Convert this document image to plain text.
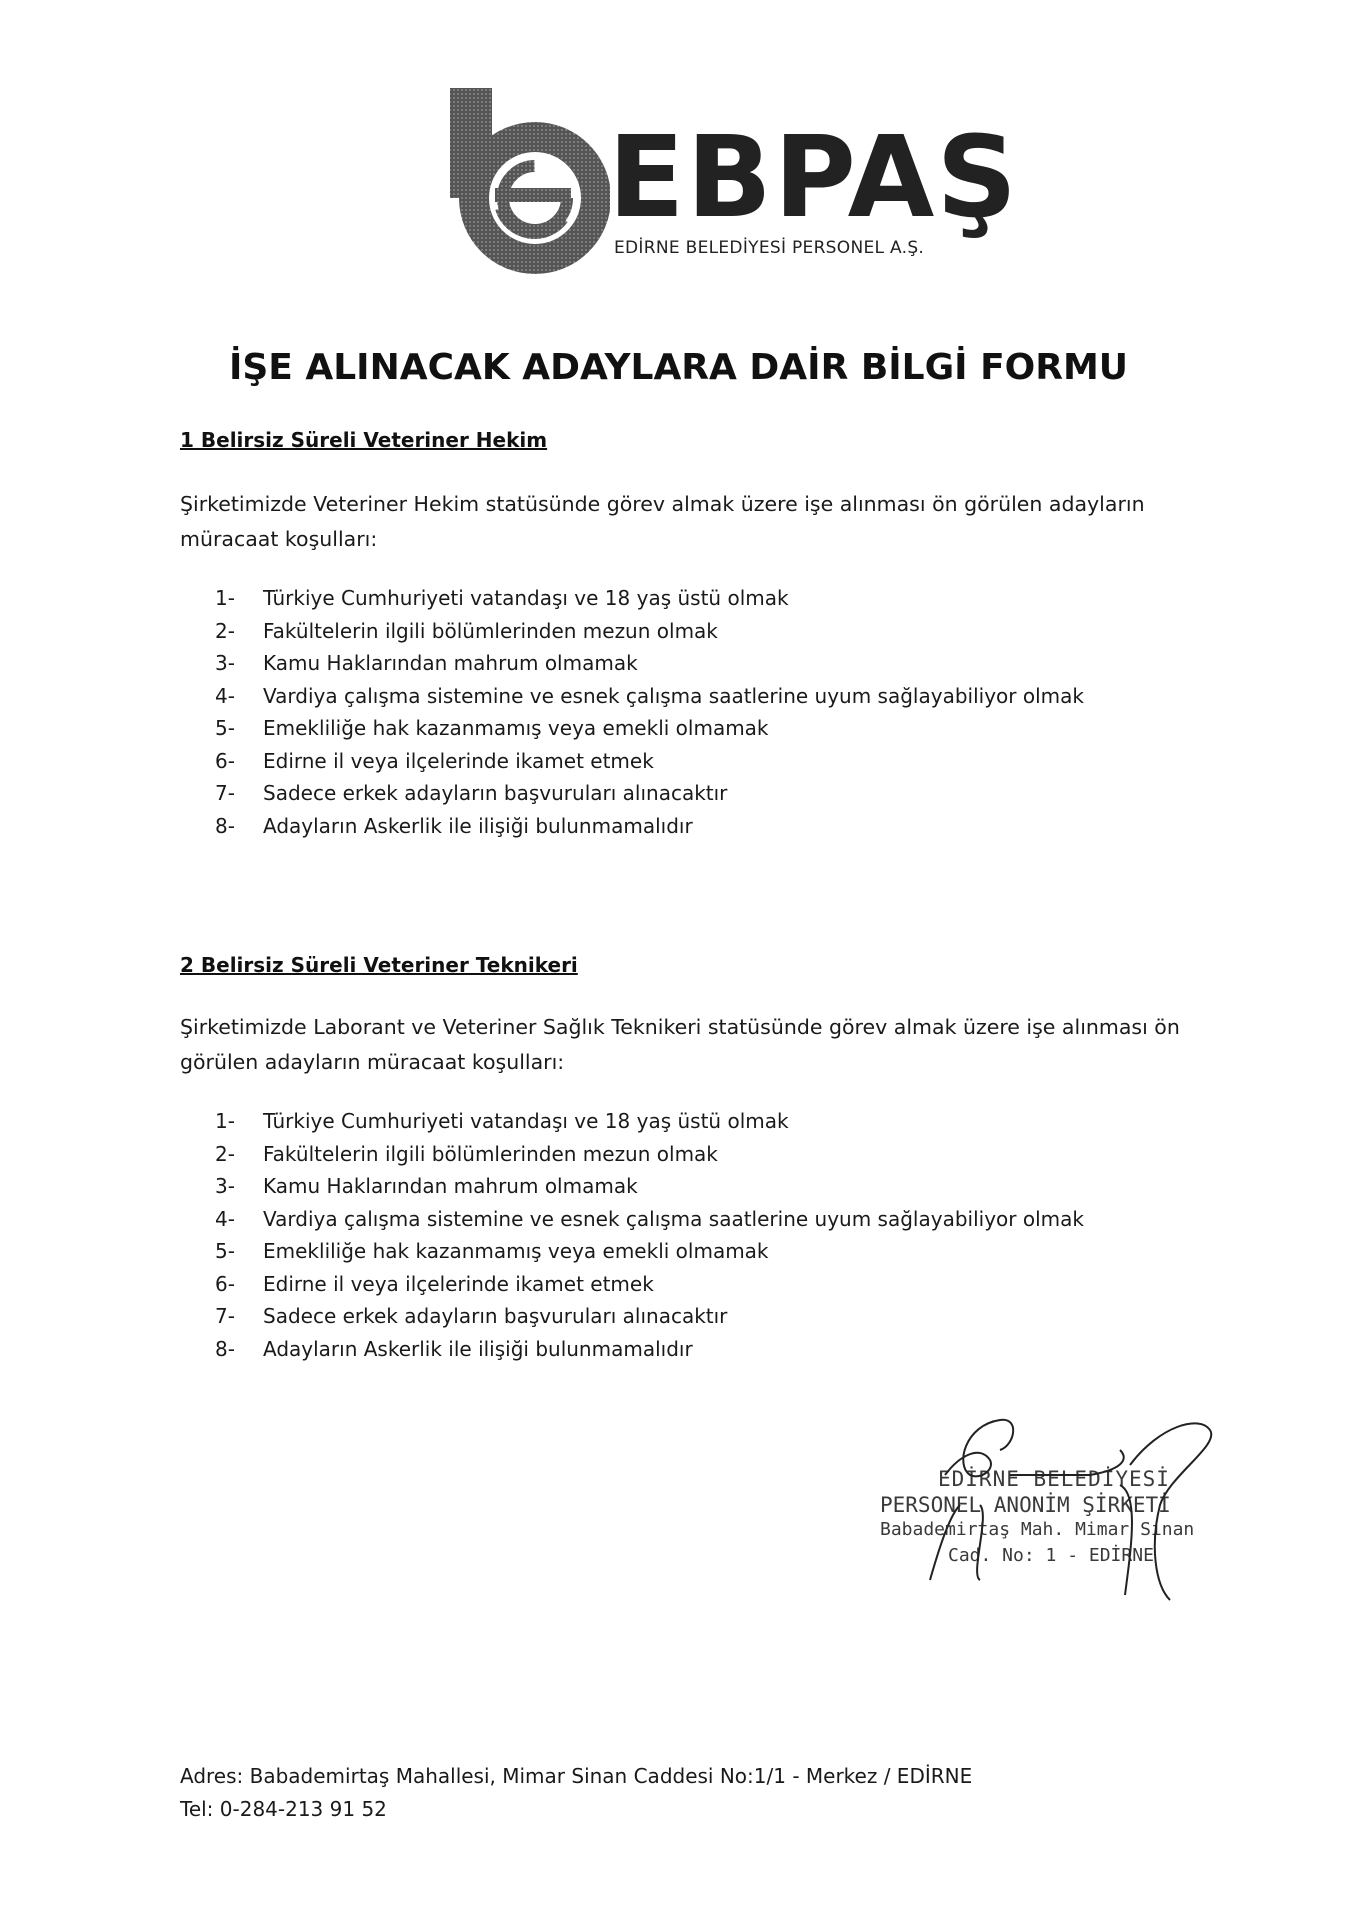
EBPAŞ
EDİRNE BELEDİYESİ PERSONEL A.Ş.
İŞE ALINACAK ADAYLARA DAİR BİLGİ FORMU
1 Belirsiz Süreli Veteriner Hekim
Şirketimizde Veteriner Hekim statüsünde görev almak üzere işe alınması ön görülen adayların
müracaat koşulları:
1- Türkiye Cumhuriyeti vatandaşı ve 18 yaş üstü olmak
2- Fakültelerin ilgili bölümlerinden mezun olmak
3- Kamu Haklarından mahrum olmamak
4- Vardiya çalışma sistemine ve esnek çalışma saatlerine uyum sağlayabiliyor olmak
5- Emekliliğe hak kazanmamış veya emekli olmamak
6- Edirne il veya ilçelerinde ikamet etmek
7- Sadece erkek adayların başvuruları alınacaktır
8- Adayların Askerlik ile ilişiği bulunmamalıdır
2 Belirsiz Süreli Veteriner Teknikeri
Şirketimizde Laborant ve Veteriner Sağlık Teknikeri statüsünde görev almak üzere işe alınması ön
görülen adayların müracaat koşulları:
1- Türkiye Cumhuriyeti vatandaşı ve 18 yaş üstü olmak
2- Fakültelerin ilgili bölümlerinden mezun olmak
3- Kamu Haklarından mahrum olmamak
4- Vardiya çalışma sistemine ve esnek çalışma saatlerine uyum sağlayabiliyor olmak
5- Emekliliğe hak kazanmamış veya emekli olmamak
6- Edirne il veya ilçelerinde ikamet etmek
7- Sadece erkek adayların başvuruları alınacaktır
8- Adayların Askerlik ile ilişiği bulunmamalıdır
EDİRNE BELEDİYESİ
PERSONEL ANONİM ŞİRKETİ
Babademirtaş Mah. Mimar Sinan
Cad. No: 1 - EDİRNE
Adres: Babademirtaş Mahallesi, Mimar Sinan Caddesi No:1/1 - Merkez / EDİRNE
Tel: 0-284-213 91 52
